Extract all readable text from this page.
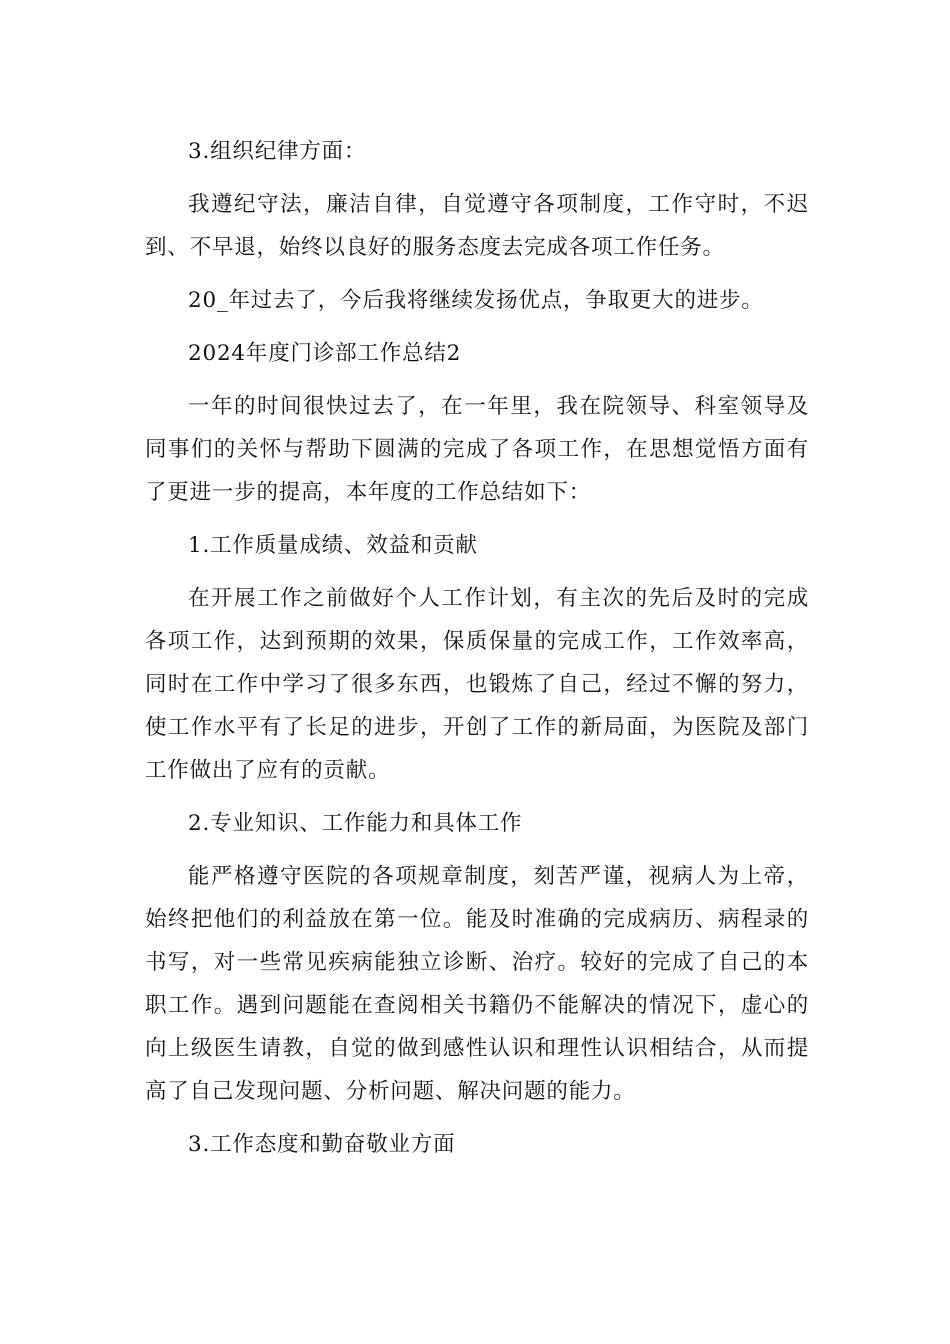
3.组织纪律方面：

我遵纪守法，廉洁自律，自觉遵守各项制度，工作守时，不迟到、不早退，始终以良好的服务态度去完成各项工作任务。

20_年过去了，今后我将继续发扬优点，争取更大的进步。

2024年度门诊部工作总结2

一年的时间很快过去了，在一年里，我在院领导、科室领导及同事们的关怀与帮助下圆满的完成了各项工作，在思想觉悟方面有了更进一步的提高，本年度的工作总结如下：

1.工作质量成绩、效益和贡献

在开展工作之前做好个人工作计划，有主次的先后及时的完成各项工作，达到预期的效果，保质保量的完成工作，工作效率高，同时在工作中学习了很多东西，也锻炼了自己，经过不懈的努力，使工作水平有了长足的进步，开创了工作的新局面，为医院及部门工作做出了应有的贡献。

2.专业知识、工作能力和具体工作

能严格遵守医院的各项规章制度，刻苦严谨，视病人为上帝，始终把他们的利益放在第一位。能及时准确的完成病历、病程录的书写，对一些常见疾病能独立诊断、治疗。较好的完成了自己的本职工作。遇到问题能在查阅相关书籍仍不能解决的情况下，虚心的向上级医生请教，自觉的做到感性认识和理性认识相结合，从而提高了自己发现问题、分析问题、解决问题的能力。

3.工作态度和勤奋敬业方面
